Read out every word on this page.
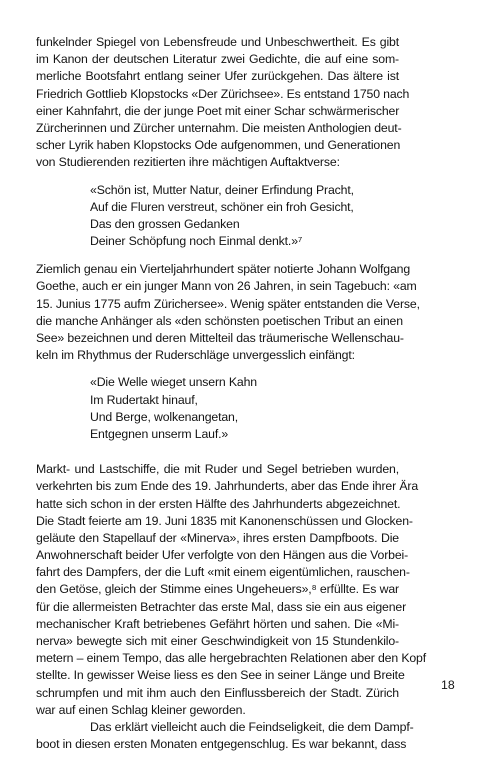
funkelnder Spiegel von Lebensfreude und Unbeschwertheit. Es gibt
im Kanon der deutschen Literatur zwei Gedichte, die auf eine som-
merliche Bootsfahrt entlang seiner Ufer zurückgehen. Das ältere ist
Friedrich Gottlieb Klopstocks «Der Zürichsee». Es entstand 1750 nach
einer Kahnfahrt, die der junge Poet mit einer Schar schwärmerischer
Zürcherinnen und Zürcher unternahm. Die meisten Anthologien deut-
scher Lyrik haben Klopstocks Ode aufgenommen, und Generationen
von Studierenden rezitierten ihre mächtigen Auftaktverse:
«Schön ist, Mutter Natur, deiner Erfindung Pracht,
Auf die Fluren verstreut, schöner ein froh Gesicht,
Das den grossen Gedanken
Deiner Schöpfung noch Einmal denkt.»⁷
Ziemlich genau ein Vierteljahrhundert später notierte Johann Wolfgang
Goethe, auch er ein junger Mann von 26 Jahren, in sein Tagebuch: «am
15. Junius 1775 aufm Zürichersee». Wenig später entstanden die Verse,
die manche Anhänger als «den schönsten poetischen Tribut an einen
See» bezeichnen und deren Mittelteil das träumerische Wellenschau-
keln im Rhythmus der Ruderschläge unvergesslich einfängt:
«Die Welle wieget unsern Kahn
Im Rudertakt hinauf,
Und Berge, wolkenangetan,
Entgegnen unserm Lauf.»
Markt- und Lastschiffe, die mit Ruder und Segel betrieben wurden,
verkehrten bis zum Ende des 19. Jahrhunderts, aber das Ende ihrer Ära
hatte sich schon in der ersten Hälfte des Jahrhunderts abgezeichnet.
Die Stadt feierte am 19. Juni 1835 mit Kanonenschüssen und Glocken-
geläute den Stapellauf der «Minerva», ihres ersten Dampfboots. Die
Anwohnerschaft beider Ufer verfolgte von den Hängen aus die Vorbei-
fahrt des Dampfers, der die Luft «mit einem eigentümlichen, rauschen-
den Getöse, gleich der Stimme eines Ungeheuers»,⁸ erfüllte. Es war
für die allermeisten Betrachter das erste Mal, dass sie ein aus eigener
mechanischer Kraft betriebenes Gefährt hörten und sahen. Die «Mi-
nerva» bewegte sich mit einer Geschwindigkeit von 15 Stundenkilo-
metern – einem Tempo, das alle hergebrachten Relationen aber den Kopf
stellte. In gewisser Weise liess es den See in seiner Länge und Breite
schrumpfen und mit ihm auch den Einflussbereich der Stadt. Zürich
war auf einen Schlag kleiner geworden.
Das erklärt vielleicht auch die Feindseligkeit, die dem Dampf-
boot in diesen ersten Monaten entgegenschlug. Es war bekannt, dass
18
